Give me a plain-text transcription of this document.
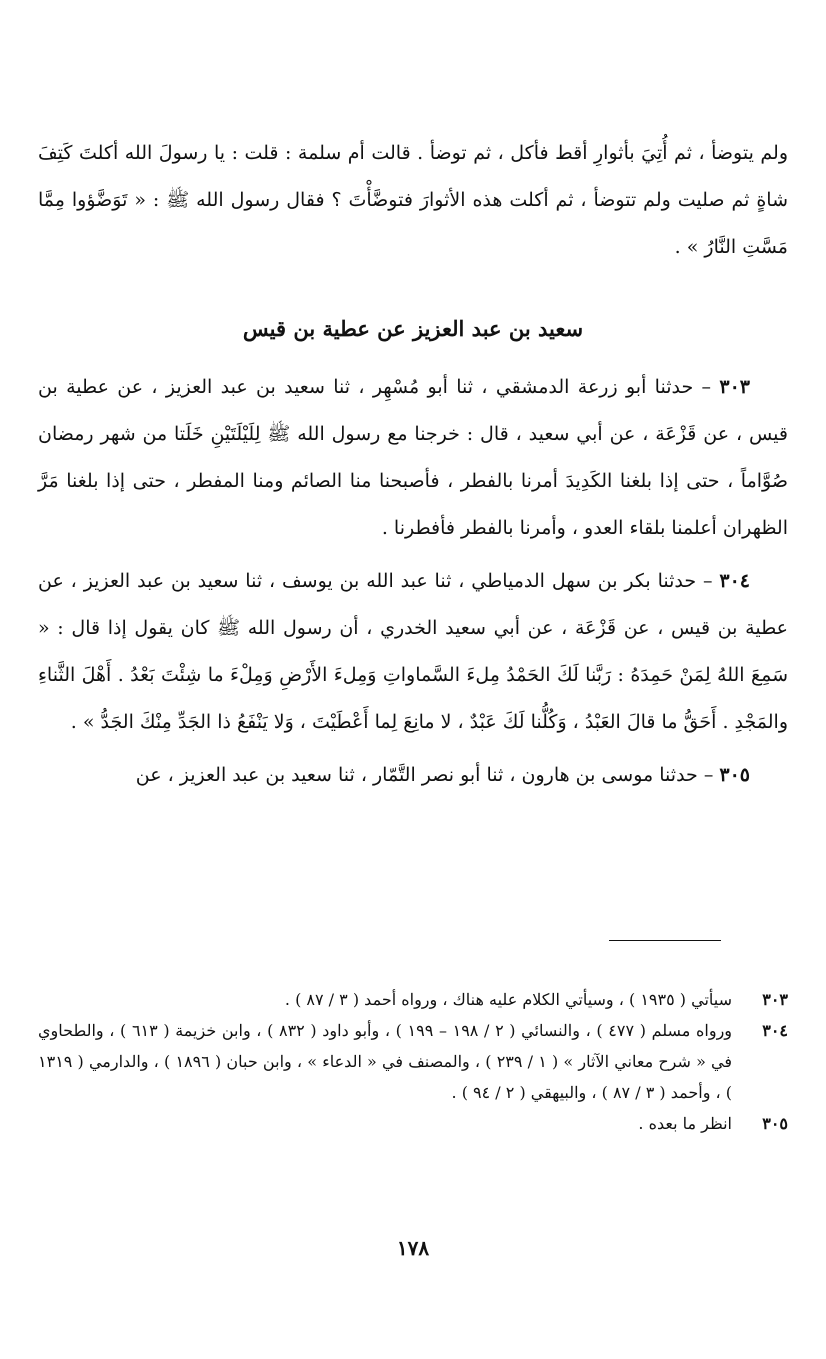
ولم يتوضأ ، ثم أُتِيَ بأثوارِ أقط فأكل ، ثم توضأ . قالت أم سلمة : قلت : يا رسولَ الله أكلتَ كَتِفَ شاةٍ ثم صليت ولم تتوضأ ، ثم أكلت هذه الأثوارَ فتوضَّأْتَ ؟ فقال رسول الله ﷺ : « تَوَضَّؤوا مِمَّا مَسَّتِ النَّارُ » .

سعيد بن عبد العزيز عن عطية بن قيس

٣٠٣ – حدثنا أبو زرعة الدمشقي ، ثنا أبو مُسْهِر ، ثنا سعيد بن عبد العزيز ، عن عطية بن قيس ، عن قَزْعَة ، عن أبي سعيد ، قال : خرجنا مع رسول الله ﷺ لِلَيْلَتَيْنِ خَلَتا من شهر رمضان صُوَّاماً ، حتى إذا بلغنا الكَدِيدَ أمرنا بالفطر ، فأصبحنا منا الصائم ومنا المفطر ، حتى إذا بلغنا مَرَّ الظهران أعلمنا بلقاء العدو ، وأمرنا بالفطر فأفطرنا .

٣٠٤ – حدثنا بكر بن سهل الدمياطي ، ثنا عبد الله بن يوسف ، ثنا سعيد بن عبد العزيز ، عن عطية بن قيس ، عن قَزْعَة ، عن أبي سعيد الخدري ، أن رسول الله ﷺ كان يقول إذا قال : « سَمِعَ اللهُ لِمَنْ حَمِدَهُ : رَبَّنا لَكَ الحَمْدُ مِلءَ السَّماواتِ وَمِلءَ الأَرْضِ وَمِلْءَ ما شِئْتَ بَعْدُ . أَهْلَ الثَّناءِ والمَجْدِ . أَحَقُّ ما قالَ العَبْدُ ، وَكُلُّنا لَكَ عَبْدٌ ، لا مانِعَ لِما أَعْطَيْتَ ، وَلا يَنْفَعُ ذا الجَدِّ مِنْكَ الجَدُّ » .

٣٠٥ – حدثنا موسى بن هارون ، ثنا أبو نصر التَّمّار ، ثنا سعيد بن عبد العزيز ، عن

٣٠٣
سيأتي ( ١٩٣٥ ) ، وسيأتي الكلام عليه هناك ، ورواه أحمد ( ٣ / ٨٧ ) .
٣٠٤
ورواه مسلم ( ٤٧٧ ) ، والنسائي ( ٢ / ١٩٨ – ١٩٩ ) ، وأبو داود ( ٨٣٢ ) ، وابن خزيمة ( ٦١٣ ) ، والطحاوي في « شرح معاني الآثار » ( ١ / ٢٣٩ ) ، والمصنف في « الدعاء » ، وابن حبان ( ١٨٩٦ ) ، والدارمي ( ١٣١٩ ) ، وأحمد ( ٣ / ٨٧ ) ، والبيهقي ( ٢ / ٩٤ ) .
٣٠٥
انظر ما بعده .
١٧٨
